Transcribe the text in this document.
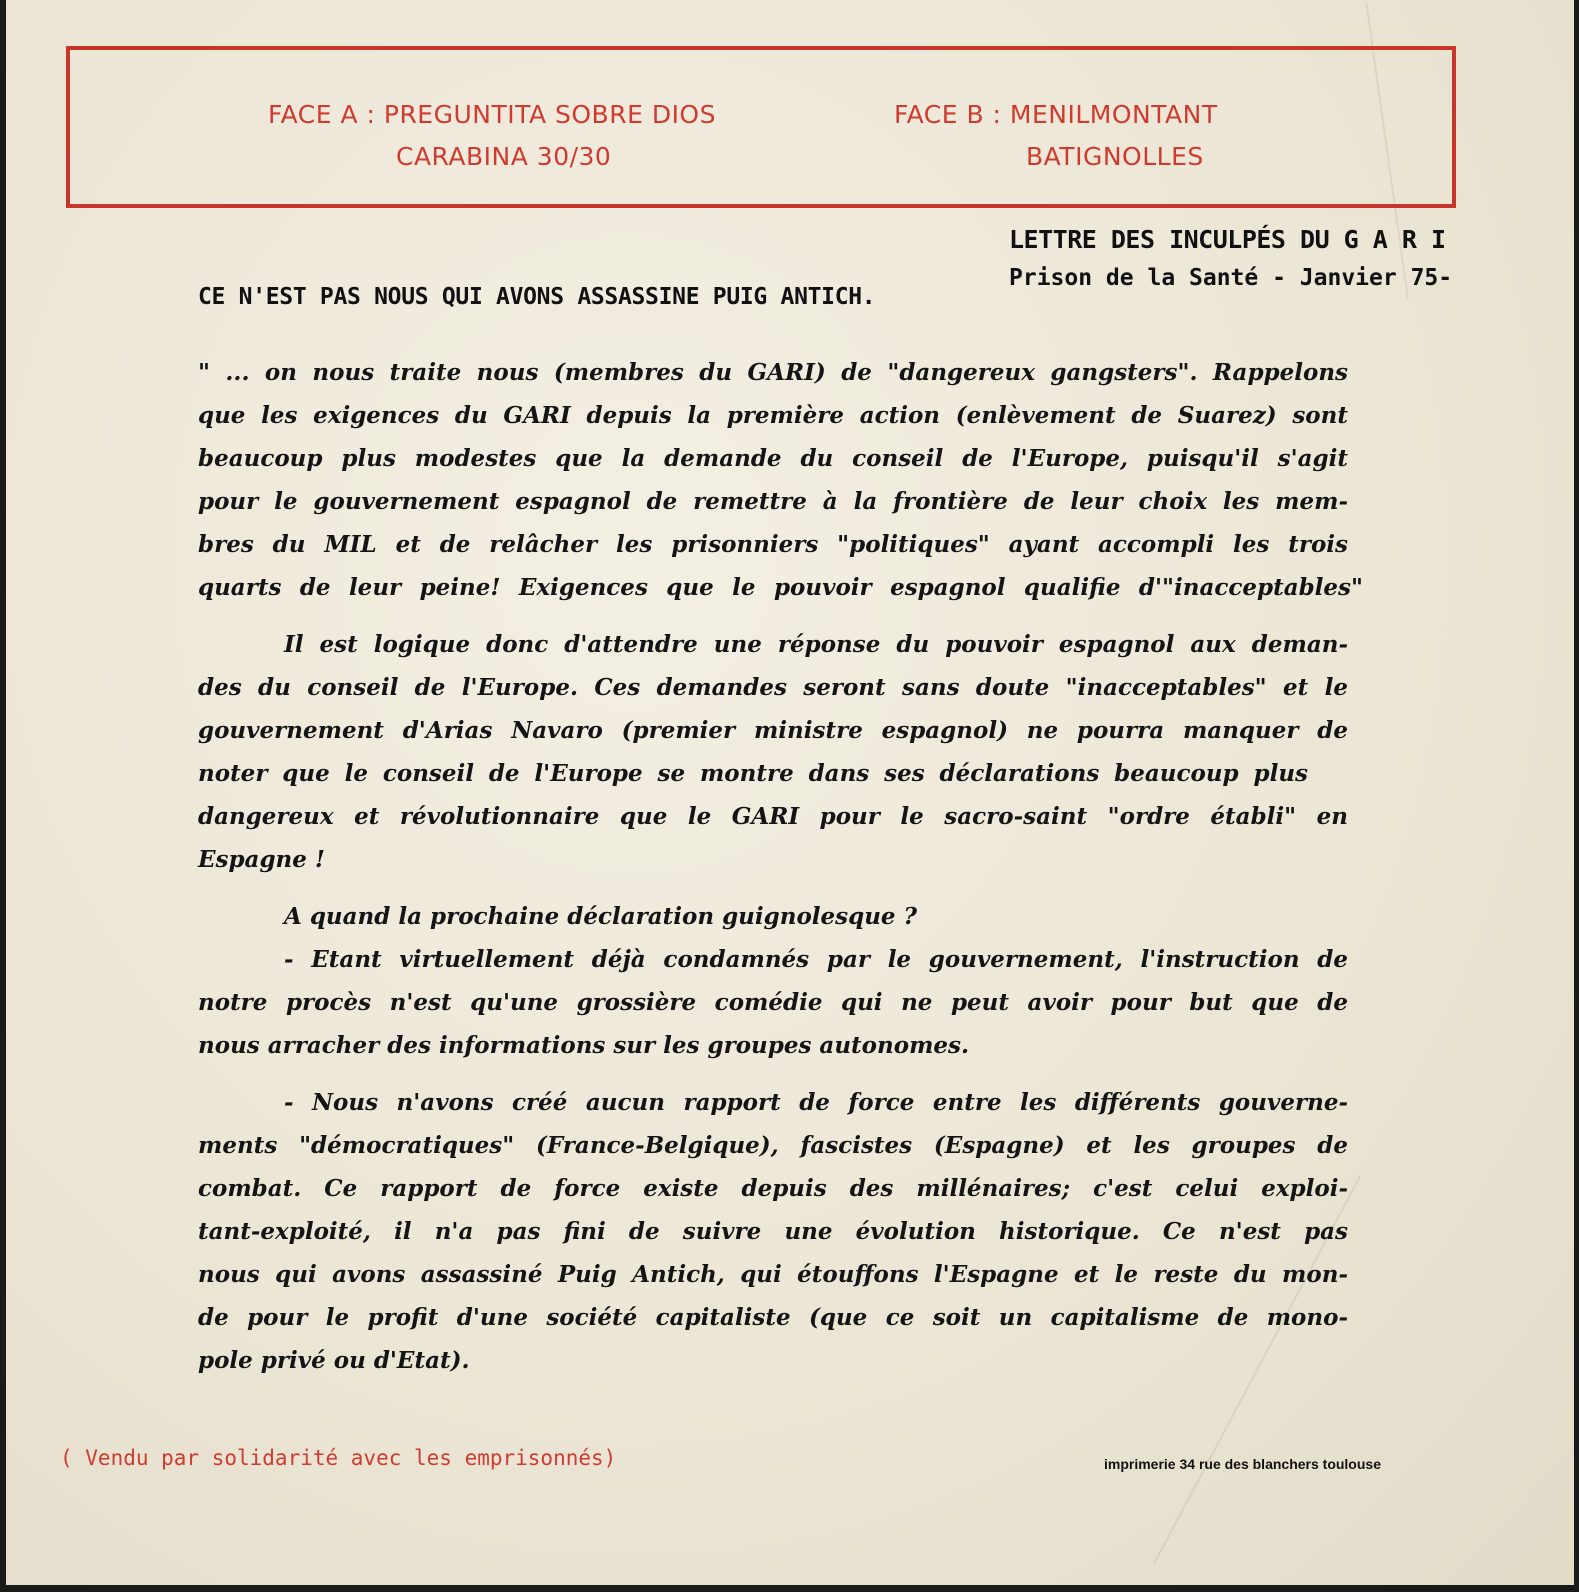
FACE A : PREGUNTITA SOBRE DIOS
CARABINA 30/30
FACE B : MENILMONTANT
BATIGNOLLES
LETTRE DES INCULPÉS DU G A R I
Prison de la Santé - Janvier 75-
CE N'EST PAS NOUS QUI AVONS ASSASSINE PUIG ANTICH.
" ... on nous traite nous (membres du GARI) de "dangereux gangsters". Rappelons
que les exigences du GARI depuis la première action (enlèvement de Suarez) sont
beaucoup plus modestes que la demande du conseil de l'Europe, puisqu'il s'agit
pour le gouvernement espagnol de remettre à la frontière de leur choix les mem-
bres du MIL et de relâcher les prisonniers "politiques" ayant accompli les trois
quarts de leur peine! Exigences que le pouvoir espagnol qualifie d'"inacceptables"
Il est logique donc d'attendre une réponse du pouvoir espagnol aux deman-
des du conseil de l'Europe. Ces demandes seront sans doute "inacceptables" et le
gouvernement d'Arias Navaro (premier ministre espagnol) ne pourra manquer de
noter que le conseil de l'Europe se montre dans ses déclarations beaucoup plus
dangereux et révolutionnaire que le GARI pour le sacro-saint "ordre établi" en
Espagne !
A quand la prochaine déclaration guignolesque ?
- Etant virtuellement déjà condamnés par le gouvernement, l'instruction de
notre procès n'est qu'une grossière comédie qui ne peut avoir pour but que de
nous arracher des informations sur les groupes autonomes.
- Nous n'avons créé aucun rapport de force entre les différents gouverne-
ments "démocratiques" (France-Belgique), fascistes (Espagne) et les groupes de
combat. Ce rapport de force existe depuis des millénaires; c'est celui exploi-
tant-exploité, il n'a pas fini de suivre une évolution historique. Ce n'est pas
nous qui avons assassiné Puig Antich, qui étouffons l'Espagne et le reste du mon-
de pour le profit d'une société capitaliste (que ce soit un capitalisme de mono-
pole privé ou d'Etat).
( Vendu par solidarité avec les emprisonnés)	imprimerie 34 rue des blanchers toulouse
